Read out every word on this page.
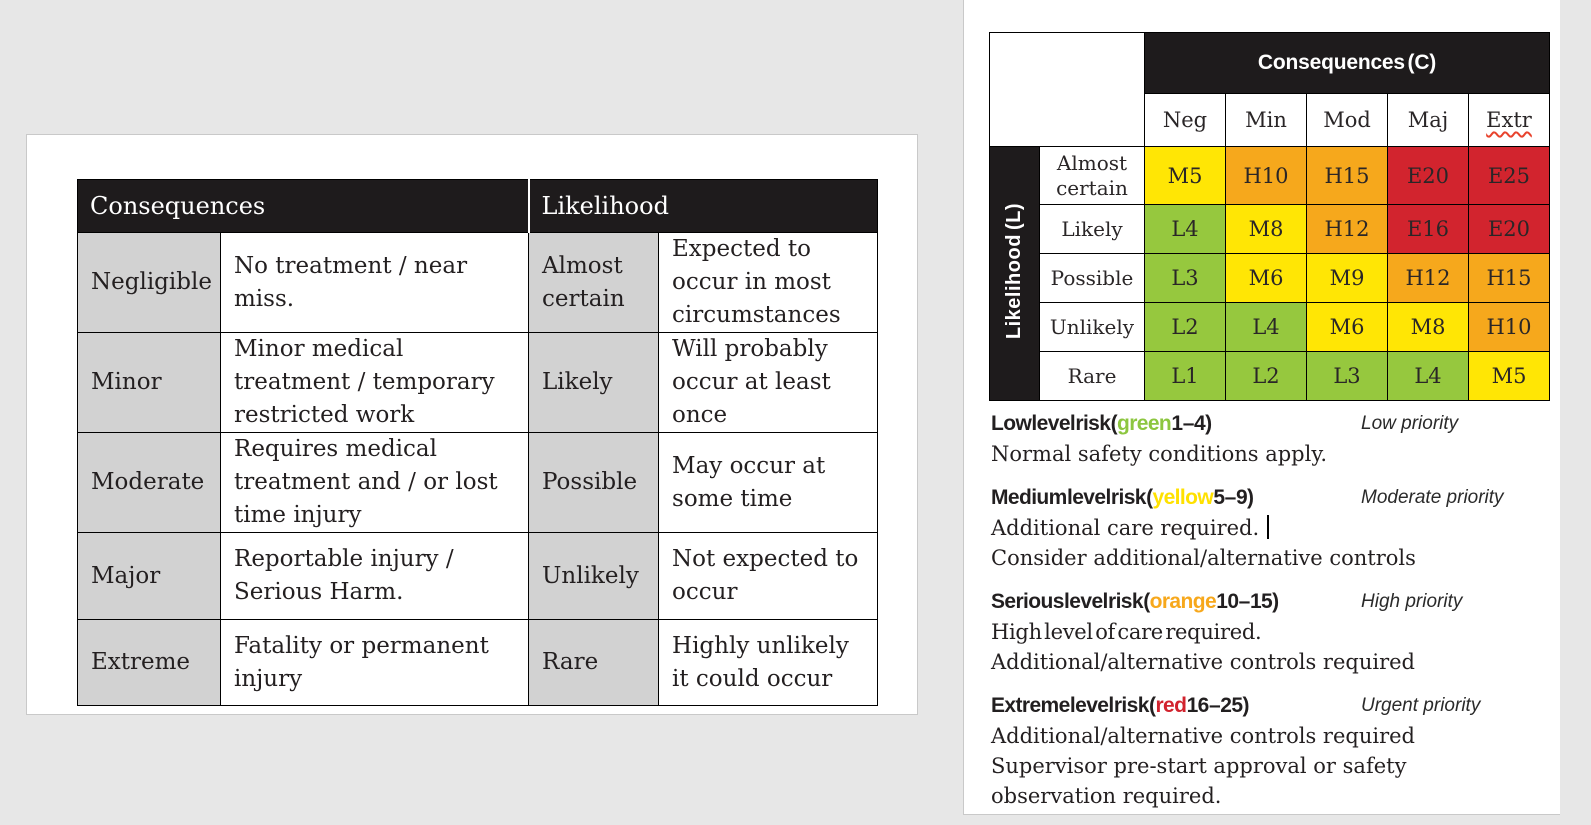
Consequences		Likelihood	
Negligible	No treatment / near miss.	Almost certain	Expected to occur in most circumstances
Minor	Minor medical treatment / temporary restricted work	Likely	Will probably occur at least once
Moderate	Requires medical treatment and / or lost time injury	Possible	May occur at some time
Major	Reportable injury / Serious Harm.	Unlikely	Not expected to occur
Extreme	Fatality or permanent injury	Rare	Highly unlikely it could occur
		Consequences (C)				
		Neg	Min	Mod	Maj	Extr
Likelihood (L)	Almost certain	M5	H10	H15	E20	E25
	Likely	L4	M8	H12	E16	E20
	Possible	L3	M6	M9	H12	H15
	Unlikely	L2	L4	M6	M8	H10
	Rare	L1	L2	L3	L4	M5
Low level risk (green 1 – 4)	Low priority
Normal safety conditions apply.
Medium level risk (yellow 5 – 9)	Moderate priority
Additional care required.
Consider additional/alternative controls
Serious level risk (orange 10 – 15)	High priority
High level of care required.
Additional/alternative controls required
Extreme level risk (red 16 – 25)	Urgent priority
Additional/alternative controls required
Supervisor pre-start approval or safety observation required.
